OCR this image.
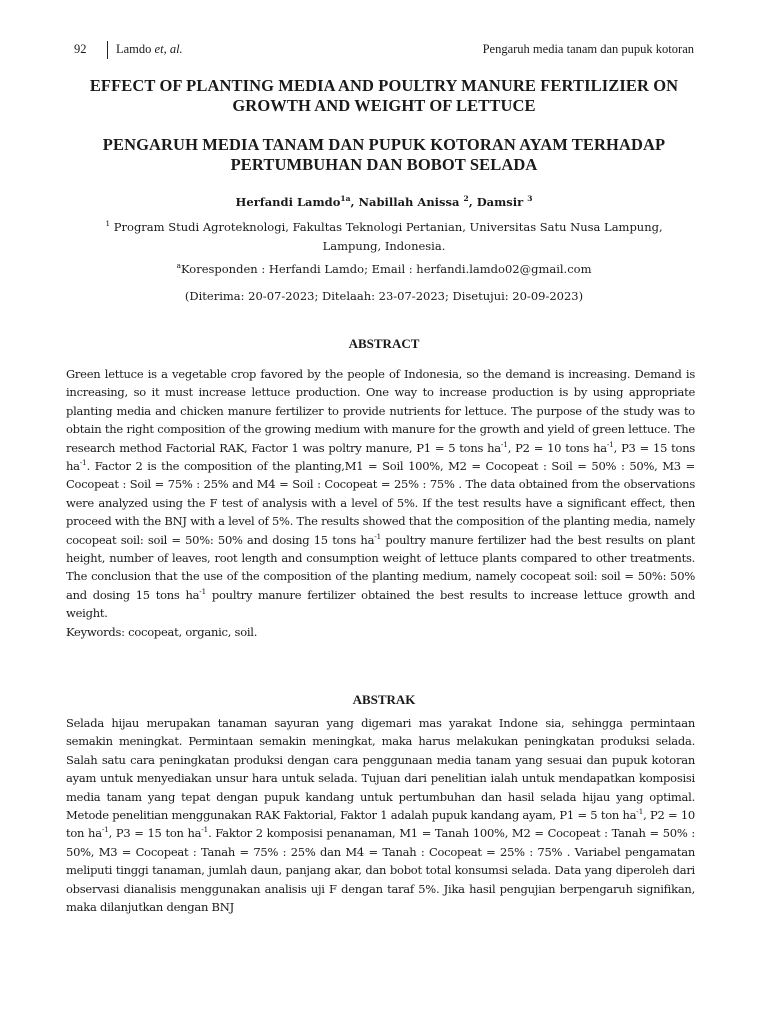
92 Lamdo et, al.	Pengaruh media tanam dan pupuk kotoran
EFFECT OF PLANTING MEDIA AND POULTRY MANURE FERTILIZIER ON GROWTH AND WEIGHT OF LETTUCE
PENGARUH MEDIA TANAM DAN PUPUK KOTORAN AYAM TERHADAP PERTUMBUHAN DAN BOBOT SELADA
Herfandi Lamdo$^{1a}$, Nabillah Anissa $^2$, Damsir $^3$
$^1$ Program Studi Agroteknologi, Fakultas Teknologi Pertanian, Universitas Satu Nusa Lampung, Lampung, Indonesia.
$^a$Koresponden : Herfandi Lamdo; Email : herfandi.lamdo02@gmail.com
(Diterima: 20-07-2023; Ditelaah: 23-07-2023; Disetujui: 20-09-2023)
ABSTRACT

Green lettuce is a vegetable crop favored by the people of Indonesia, so the demand is increasing. Demand is increasing, so it must increase lettuce production. One way to increase production is by using appropriate planting media and chicken manure fertilizer to provide nutrients for lettuce. The purpose of the study was to obtain the right composition of the growing medium with manure for the growth and yield of green lettuce. The research method Factorial RAK, Factor 1 was poltry manure, P1 = 5 tons $ha^{-1}$, P2 = 10 tons $ha^{-1}$, P3 = 15 tons $ha^{-1}$. Factor 2 is the composition of the planting,M1 = Soil 100%, M2 = Cocopeat : Soil = 50% : 50%, M3 = Cocopeat : Soil = 75% : 25% and M4 = Soil : Cocopeat = 25% : 75% . The data obtained from the observations were analyzed using the F test of analysis with a level of 5%. If the test results have a significant effect, then proceed with the BNJ with a level of 5%. The results showed that the composition of the planting media, namely cocopeat soil: soil = 50%: 50% and dosing 15 tons $ha^{-1}$ poultry manure fertilizer had the best results on plant height, number of leaves, root length and consumption weight of lettuce plants compared to other treatments. The conclusion that the use of the composition of the planting medium, namely cocopeat soil: soil = 50%: 50% and dosing 15 tons $ha^{-1}$ poultry manure fertilizer obtained the best results to increase lettuce growth and weight.

Keywords: cocopeat, organic, soil.

ABSTRAK

Selada hijau merupakan tanaman sayuran yang digemari mas yarakat Indone sia, sehingga permintaan semakin meningkat. Permintaan semakin meningkat, maka harus melakukan peningkatan produksi selada. Salah satu cara peningkatan produksi dengan cara penggunaan media tanam yang sesuai dan pupuk kotoran ayam untuk menyediakan unsur hara untuk selada. Tujuan dari penelitian ialah untuk mendapatkan komposisi media tanam yang tepat dengan pupuk kandang untuk pertumbuhan dan hasil selada hijau yang optimal. Metode penelitian menggunakan RAK Faktorial, Faktor 1 adalah pupuk kandang ayam, P1 = 5 ton $ha^{-1}$, P2 = 10 ton $ha^{-1}$, P3 = 15 ton $ha^{-1}$. Faktor 2 komposisi penanaman, M1 = Tanah 100%, M2 = Cocopeat : Tanah = 50% : 50%, M3 = Cocopeat : Tanah = 75% : 25% dan M4 = Tanah : Cocopeat = 25% : 75% . Variabel pengamatan meliputi tinggi tanaman, jumlah daun, panjang akar, dan bobot total konsumsi selada. Data yang diperoleh dari observasi dianalisis menggunakan analisis uji F dengan taraf 5%. Jika hasil pengujian berpengaruh signifikan, maka dilanjutkan dengan BNJ
